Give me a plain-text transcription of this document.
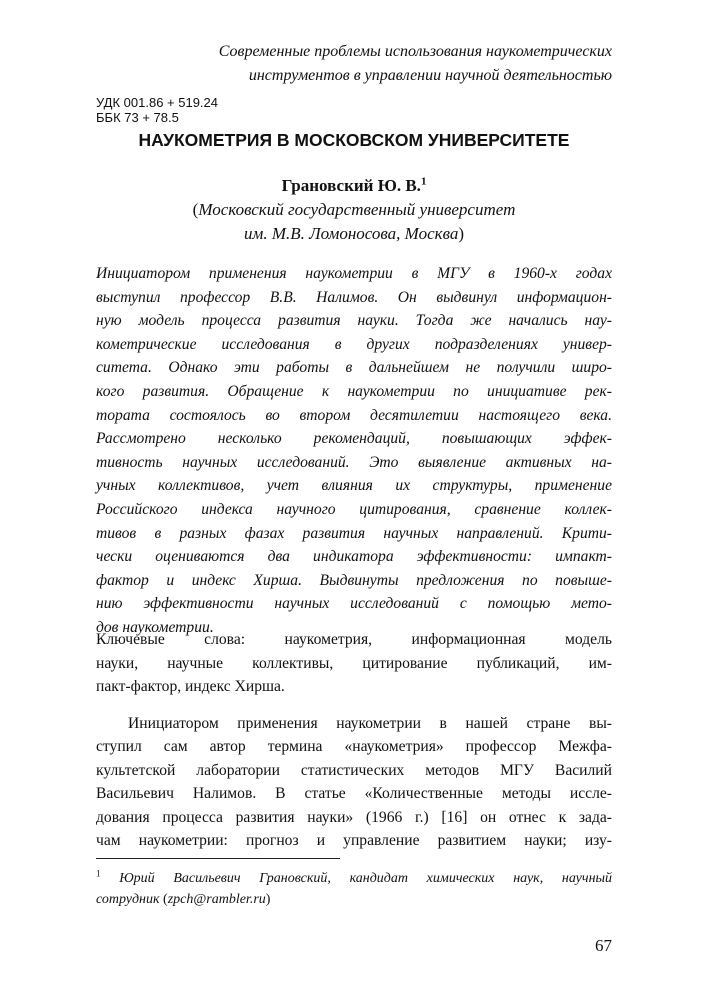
Современные проблемы использования наукометрических
инструментов в управлении научной деятельностью
УДК 001.86 + 519.24
ББК 73 + 78.5
НАУКОМЕТРИЯ В МОСКОВСКОМ УНИВЕРСИТЕТЕ
Грановский Ю. В.$^1$
(Московский государственный университет
им. М.В. Ломоносова, Москва)
Инициатором применения наукометрии в МГУ в 1960-х годах
выступил профессор В.В. Налимов. Он выдвинул информацион-
ную модель процесса развития науки. Тогда же начались нау-
кометрические исследования в других подразделениях универ-
ситета. Однако эти работы в дальнейшем не получили широ-
кого развития. Обращение к наукометрии по инициативе рек-
тората состоялось во втором десятилетии настоящего века.
Рассмотрено несколько рекомендаций, повышающих эффек-
тивность научных исследований. Это выявление активных на-
учных коллективов, учет влияния их структуры, применение
Российского индекса научного цитирования, сравнение коллек-
тивов в разных фазах развития научных направлений. Крити-
чески оцениваются два индикатора эффективности: импакт-
фактор и индекс Хирша. Выдвинуты предложения по повыше-
нию эффективности научных исследований с помощью мето-
дов наукометрии.
Ключевые слова: наукометрия, информационная модель
науки, научные коллективы, цитирование публикаций, им-
пакт-фактор, индекс Хирша.
Инициатором применения наукометрии в нашей стране вы-
ступил сам автор термина «наукометрия» профессор Межфа-
культетской лаборатории статистических методов МГУ Василий
Васильевич Налимов. В статье «Количественные методы иссле-
дования процесса развития науки» (1966 г.) [16] он отнес к зада-
чам наукометрии: прогноз и управление развитием науки; изу-
$^1$ Юрий Васильевич Грановский, кандидат химических наук, научный
сотрудник (zpch@rambler.ru)
67
